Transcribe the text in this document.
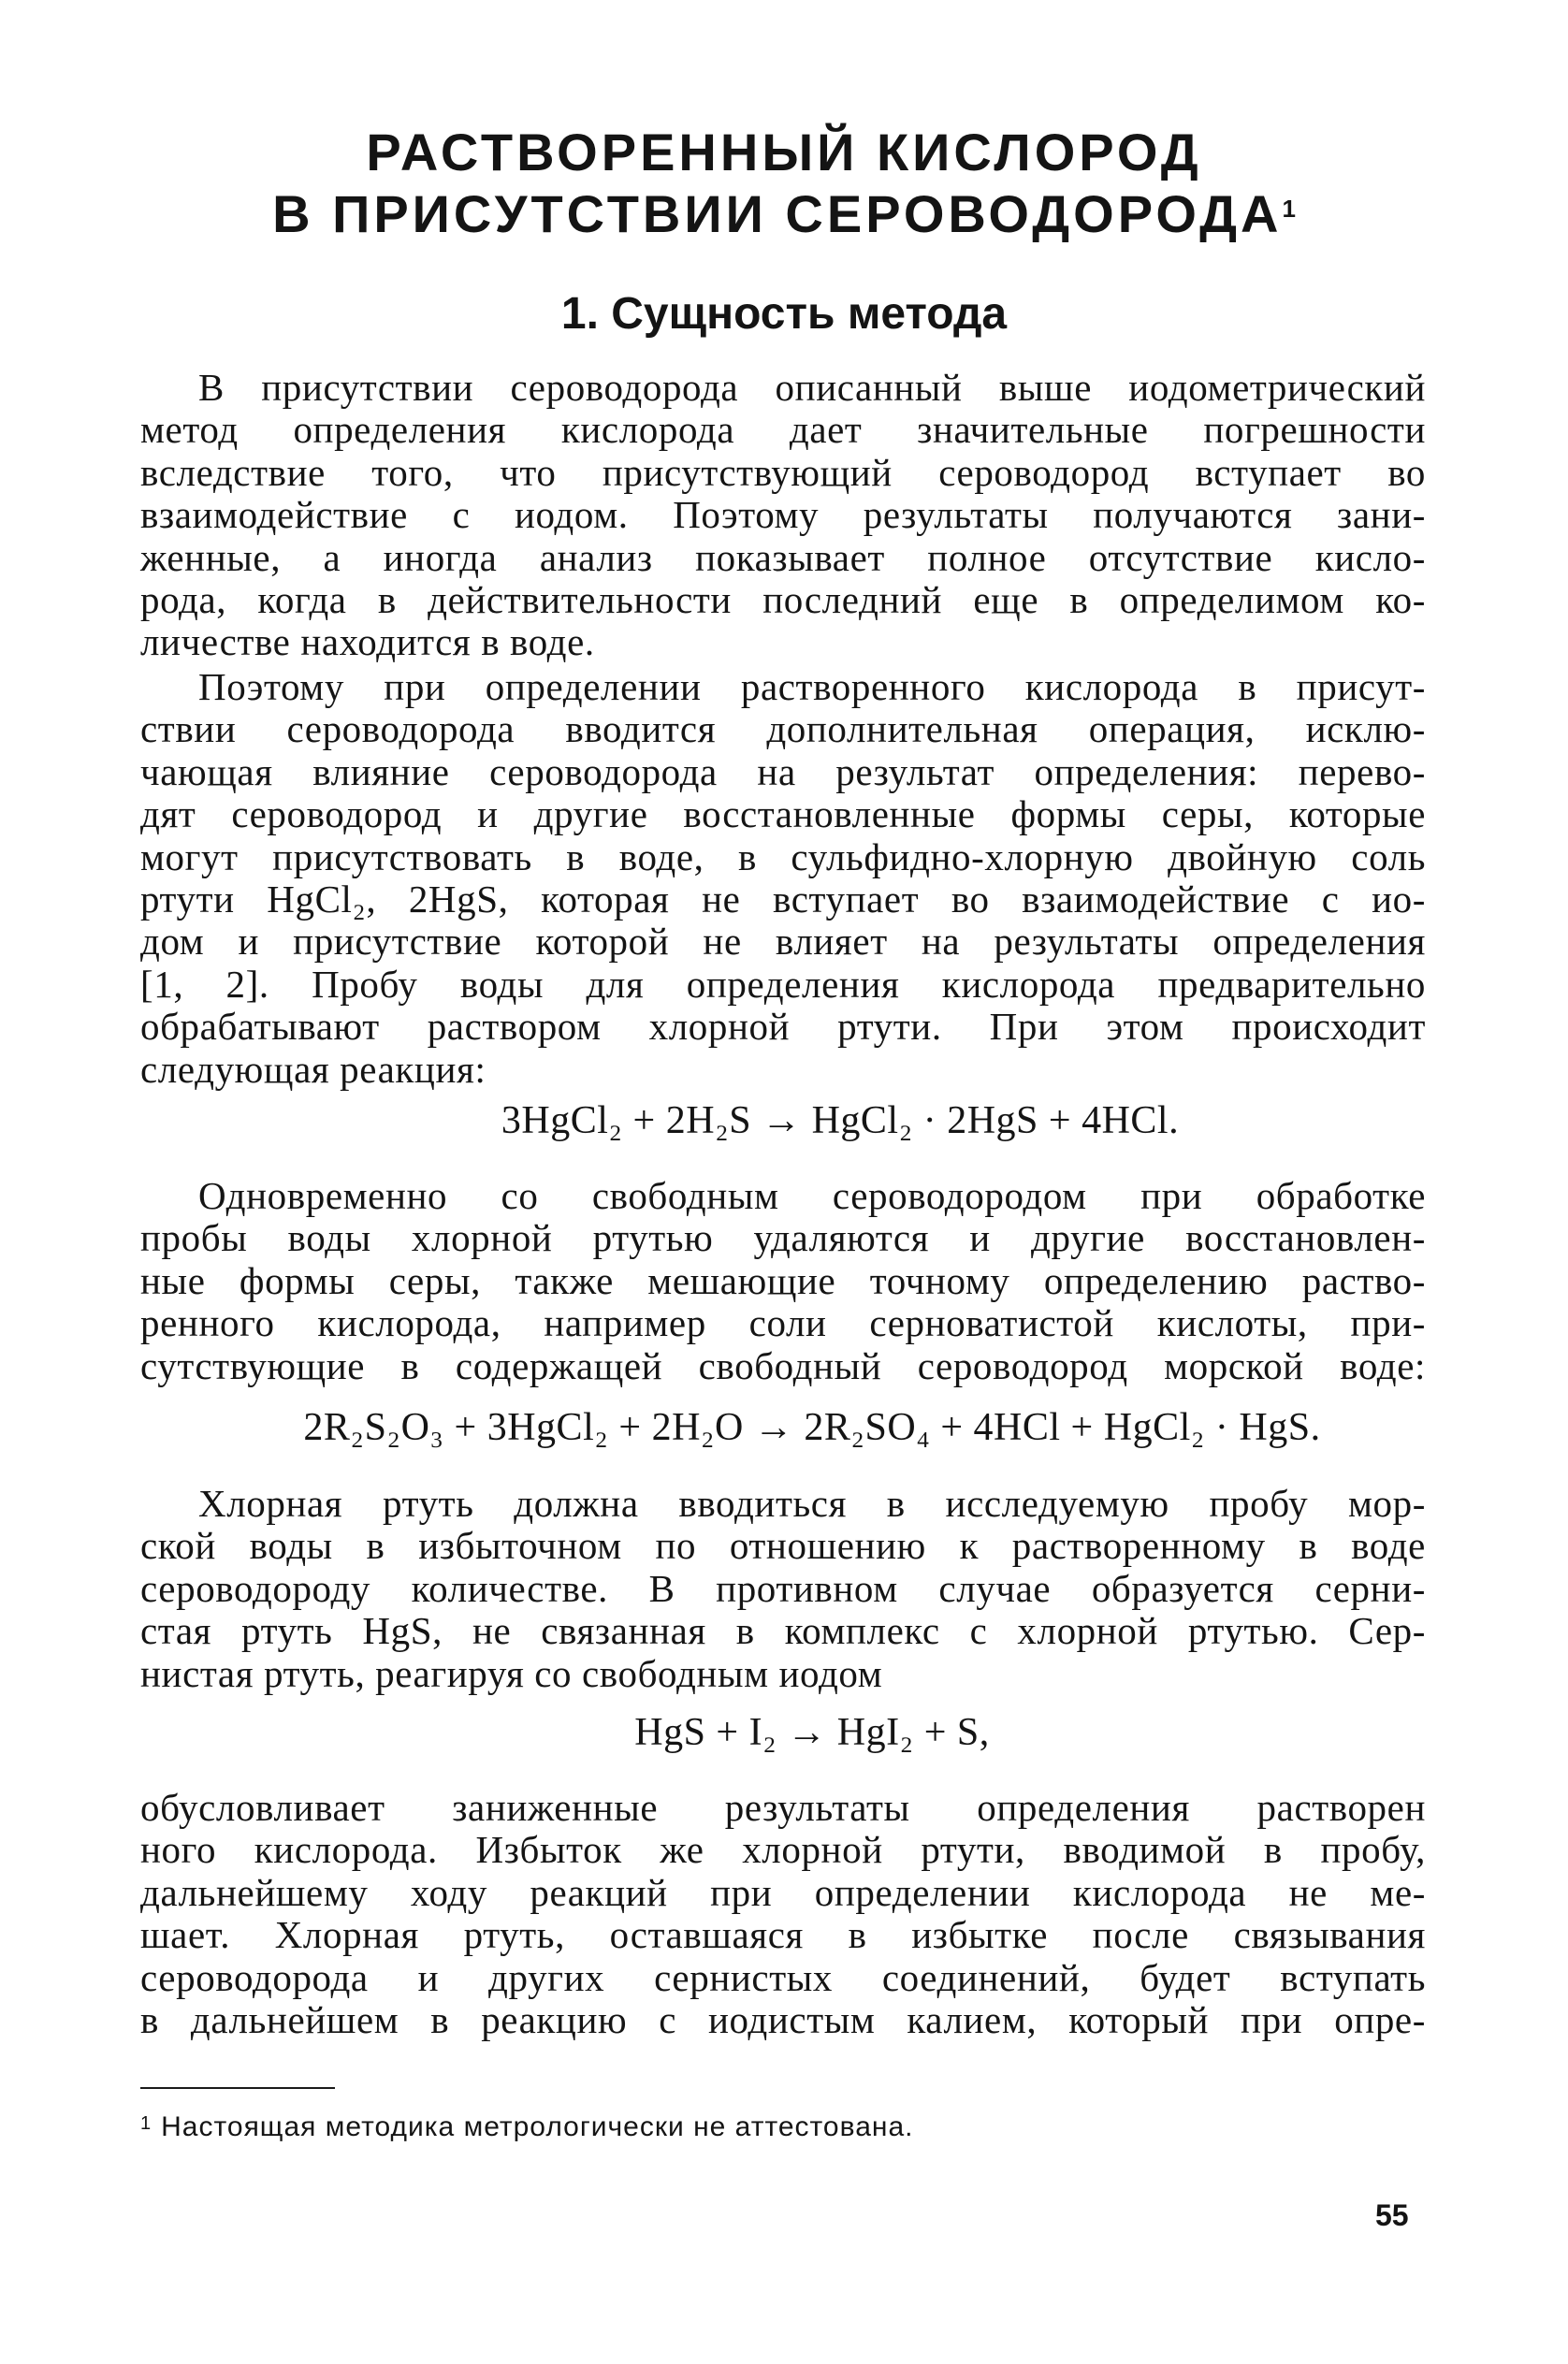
РАСТВОРЕННЫЙ КИСЛОРОД
В ПРИСУТСТВИИ СЕРОВОДОРОДА$^1$
1. Сущность метода
В присутствии сероводорода описанный выше иодометрический
метод определения кислорода дает значительные погрешности
вследствие того, что присутствующий сероводород вступает во
взаимодействие с иодом. Поэтому результаты получаются зани-
женные, а иногда анализ показывает полное отсутствие кисло-
рода, когда в действительности последний еще в определимом ко-
личестве находится в воде.
Поэтому при определении растворенного кислорода в присут-
ствии сероводорода вводится дополнительная операция, исклю-
чающая влияние сероводорода на результат определения: перево-
дят сероводород и другие восстановленные формы серы, которые
могут присутствовать в воде, в сульфидно-хлорную двойную соль
ртути HgCl₂, 2HgS, которая не вступает во взаимодействие с ио-
дом и присутствие которой не влияет на результаты определения
[1, 2]. Пробу воды для определения кислорода предварительно
обрабатывают раствором хлорной ртути. При этом происходит
следующая реакция:
3HgCl₂ + 2H₂S → HgCl₂ · 2HgS + 4HCl.
Одновременно со свободным сероводородом при обработке
пробы воды хлорной ртутью удаляются и другие восстановлен-
ные формы серы, также мешающие точному определению раство-
ренного кислорода, например соли серноватистой кислоты, при-
сутствующие в содержащей свободный сероводород морской воде:
2R₂S₂O₃ + 3HgCl₂ + 2H₂O → 2R₂SO₄ + 4HCl + HgCl₂ · HgS.
Хлорная ртуть должна вводиться в исследуемую пробу мор-
ской воды в избыточном по отношению к растворенному в воде
сероводороду количестве. В противном случае образуется серни-
стая ртуть HgS, не связанная в комплекс с хлорной ртутью. Сер-
нистая ртуть, реагируя со свободным иодом
HgS + I₂ → HgI₂ + S,
обусловливает заниженные результаты определения растворен
ного кислорода. Избыток же хлорной ртути, вводимой в пробу,
дальнейшему ходу реакций при определении кислорода не ме-
шает. Хлорная ртуть, оставшаяся в избытке после связывания
сероводорода и других сернистых соединений, будет вступать
в дальнейшем в реакцию с иодистым калием, который при опре-
$^1$ Настоящая методика метрологически не аттестована.
55
